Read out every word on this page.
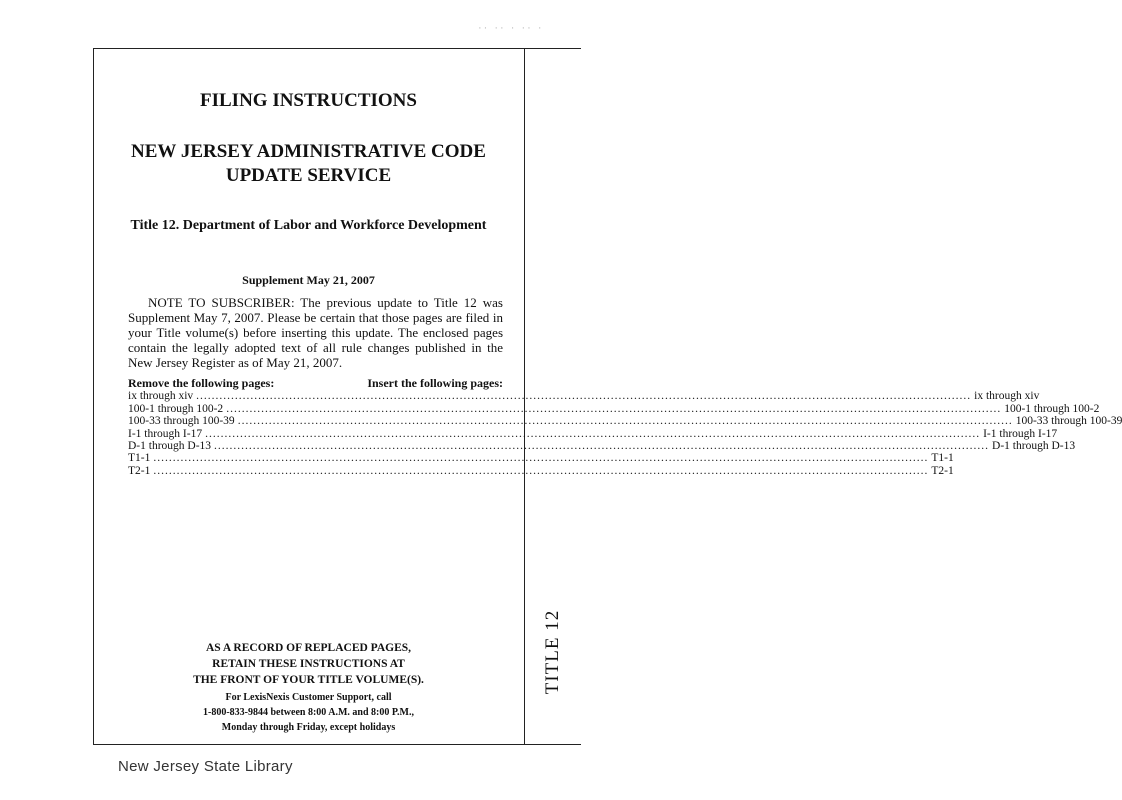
·· ·· · ·· ·
TITLE 12
FILING INSTRUCTIONS
NEW JERSEY ADMINISTRATIVE CODE
UPDATE SERVICE
Title 12. Department of Labor and Workforce Development
Supplement May 21, 2007

NOTE TO SUBSCRIBER: The previous update to Title 12 was Supplement May 7, 2007. Please be certain that those pages are filed in your Title volume(s) before inserting this update. The enclosed pages contain the legally adopted text of all rule changes published in the New Jersey Register as of May 21, 2007.

Remove the following pages:	Insert the following pages:
ix through xiv ........................................................................................................................................................................................................ ix through xiv
100-1 through 100-2 ........................................................................................................................................................................................................ 100-1 through 100-2
100-33 through 100-39 ........................................................................................................................................................................................................ 100-33 through 100-39
I-1 through I-17 ........................................................................................................................................................................................................ I-1 through I-17
D-1 through D-13 ........................................................................................................................................................................................................ D-1 through D-13
T1-1 ........................................................................................................................................................................................................ T1-1
T2-1 ........................................................................................................................................................................................................ T2-1
AS A RECORD OF REPLACED PAGES,
RETAIN THESE INSTRUCTIONS AT
THE FRONT OF YOUR TITLE VOLUME(S).
For LexisNexis Customer Support, call
1-800-833-9844 between 8:00 A.M. and 8:00 P.M.,
Monday through Friday, except holidays
New Jersey State Library
